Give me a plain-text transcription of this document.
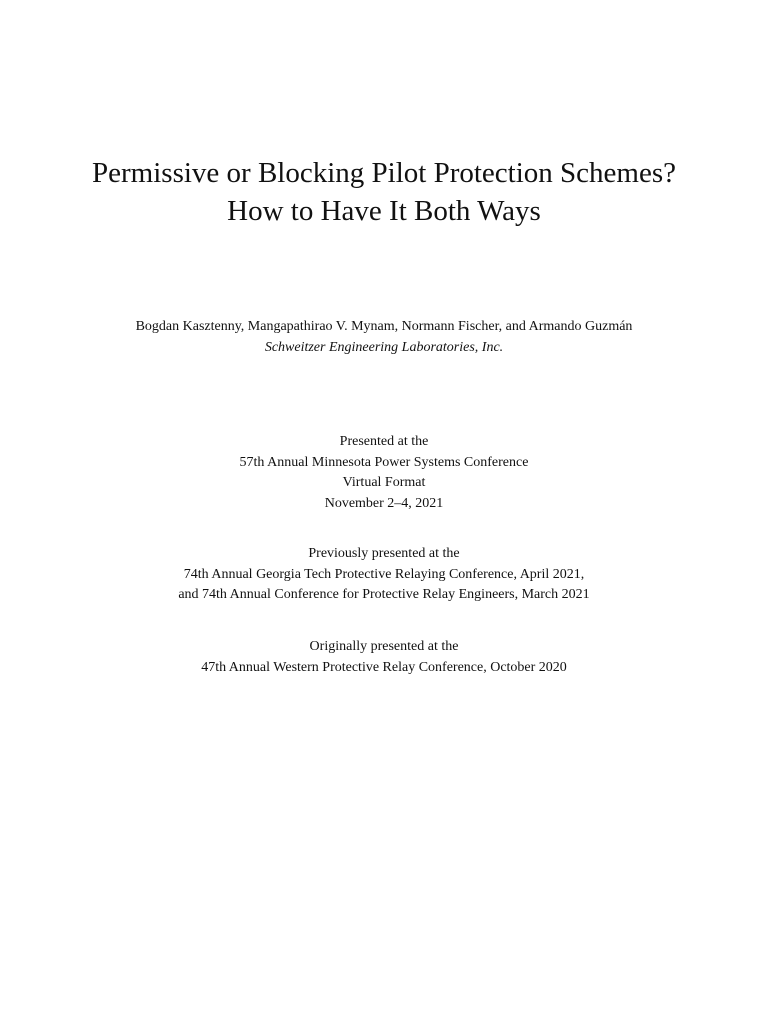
Permissive or Blocking Pilot Protection Schemes?
How to Have It Both Ways
Bogdan Kasztenny, Mangapathirao V. Mynam, Normann Fischer, and Armando Guzmán
Schweitzer Engineering Laboratories, Inc.
Presented at the
57th Annual Minnesota Power Systems Conference
Virtual Format
November 2–4, 2021
Previously presented at the
74th Annual Georgia Tech Protective Relaying Conference, April 2021,
and 74th Annual Conference for Protective Relay Engineers, March 2021
Originally presented at the
47th Annual Western Protective Relay Conference, October 2020
